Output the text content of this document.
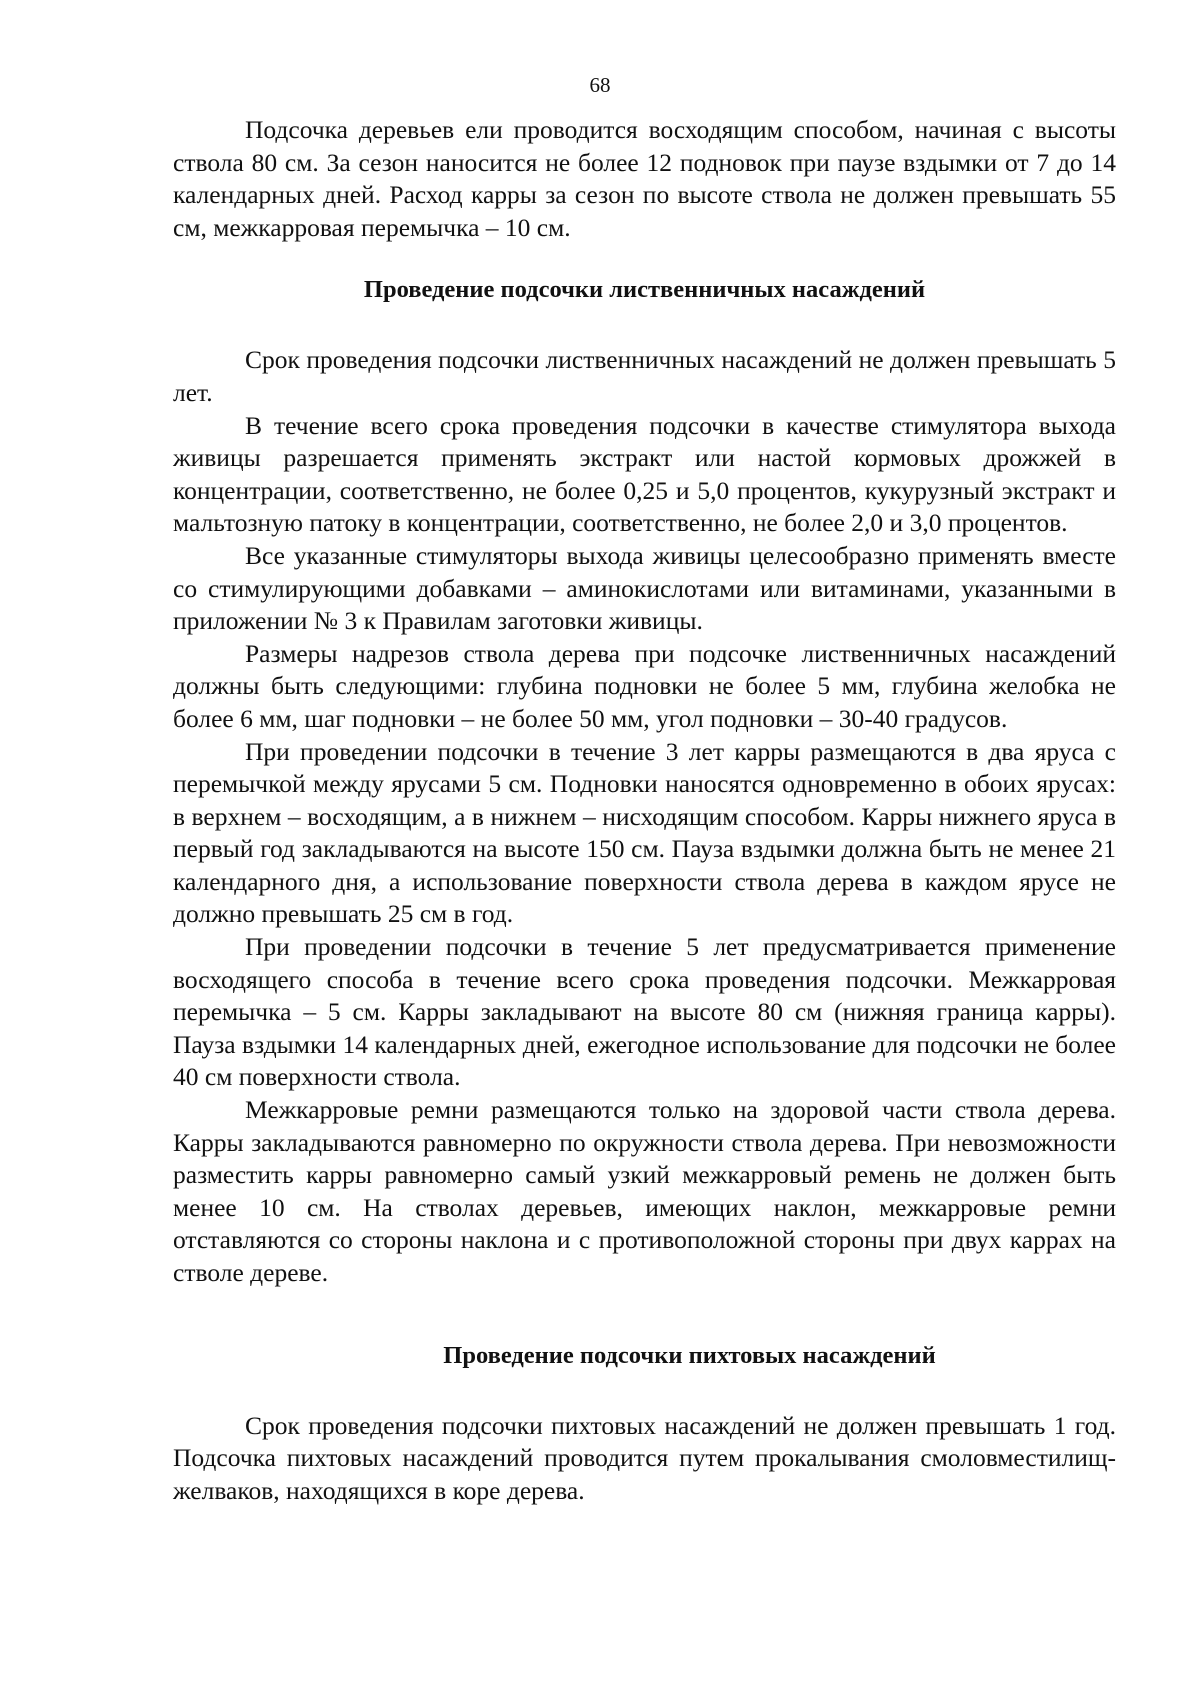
68

Подсочка деревьев ели проводится восходящим способом, начиная с высоты ствола 80 см. За сезон наносится не более 12 подновок при паузе вздымки от 7 до 14 календарных дней. Расход карры за сезон по высоте ствола не должен превышать 55 см, межкарровая перемычка – 10 см.

Проведение подсочки лиственничных насаждений

Срок проведения подсочки лиственничных насаждений не должен превышать 5 лет.

В течение всего срока проведения подсочки в качестве стимулятора выхода живицы разрешается применять экстракт или настой кормовых дрожжей в концентрации, соответственно, не более 0,25 и 5,0 процентов, кукурузный экстракт и мальтозную патоку в концентрации, соответственно, не более 2,0 и 3,0 процентов.

Все указанные стимуляторы выхода живицы целесообразно применять вместе со стимулирующими добавками – аминокислотами или витаминами, указанными в приложении № 3 к Правилам заготовки живицы.

Размеры надрезов ствола дерева при подсочке лиственничных насаждений должны быть следующими: глубина подновки не более 5 мм, глубина желобка не более 6 мм, шаг подновки – не более 50 мм, угол подновки – 30-40 градусов.

При проведении подсочки в течение 3 лет карры размещаются в два яруса с перемычкой между ярусами 5 см. Подновки наносятся одновременно в обоих ярусах: в верхнем – восходящим, а в нижнем – нисходящим способом. Карры нижнего яруса в первый год закладываются на высоте 150 см. Пауза вздымки должна быть не менее 21 календарного дня, а использование поверхности ствола дерева в каждом ярусе не должно превышать 25 см в год.

При проведении подсочки в течение 5 лет предусматривается применение восходящего способа в течение всего срока проведения подсочки. Межкарровая перемычка – 5 см. Карры закладывают на высоте 80 см (нижняя граница карры). Пауза вздымки 14 календарных дней, ежегодное использование для подсочки не более 40 см поверхности ствола.

Межкарровые ремни размещаются только на здоровой части ствола дерева. Карры закладываются равномерно по окружности ствола дерева. При невозможности разместить карры равномерно самый узкий межкарровый ремень не должен быть менее 10 см. На стволах деревьев, имеющих наклон, межкарровые ремни отставляются со стороны наклона и с противоположной стороны при двух каррах на стволе дереве.

Проведение подсочки пихтовых насаждений

Срок проведения подсочки пихтовых насаждений не должен превышать 1 год. Подсочка пихтовых насаждений проводится путем прокалывания смоловместилищ-желваков, находящихся в коре дерева.
